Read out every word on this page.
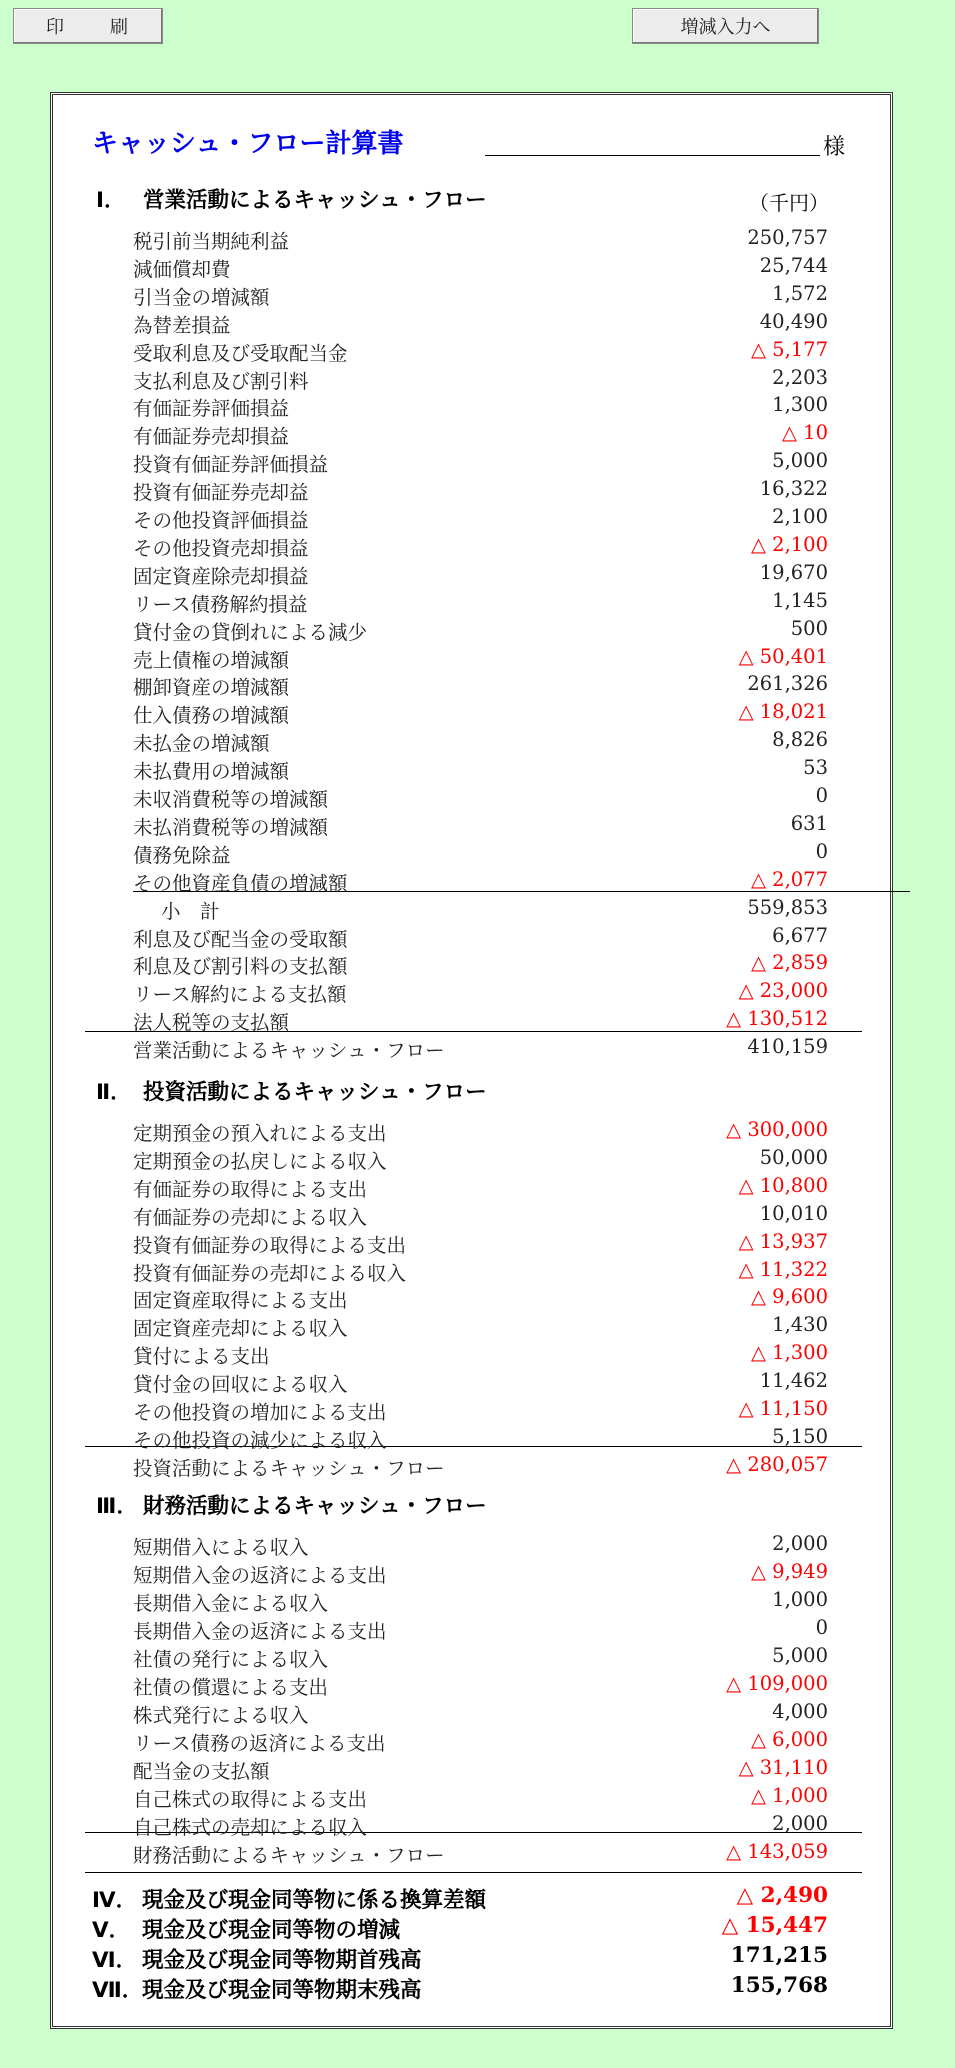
印　刷	増減入力へ
キャッシュ・フロー計算書	様
（千円）
Ⅰ． 営業活動によるキャッシュ・フロー
Ⅱ． 投資活動によるキャッシュ・フロー
Ⅲ． 財務活動によるキャッシュ・フロー
税引前当期純利益	250,757
減価償却費	25,744
引当金の増減額	1,572
為替差損益	40,490
受取利息及び受取配当金	△ 5,177
支払利息及び割引料	2,203
有価証券評価損益	1,300
有価証券売却損益	△ 10
投資有価証券評価損益	5,000
投資有価証券売却益	16,322
その他投資評価損益	2,100
その他投資売却損益	△ 2,100
固定資産除売却損益	19,670
リース債務解約損益	1,145
貸付金の貸倒れによる減少	500
売上債権の増減額	△ 50,401
棚卸資産の増減額	261,326
仕入債務の増減額	△ 18,021
未払金の増減額	8,826
未払費用の増減額	53
未収消費税等の増減額	0
未払消費税等の増減額	631
債務免除益	0
その他資産負債の増減額	△ 2,077
小　計	559,853
利息及び配当金の受取額	6,677
利息及び割引料の支払額	△ 2,859
リース解約による支払額	△ 23,000
法人税等の支払額	△ 130,512
営業活動によるキャッシュ・フロー	410,159
定期預金の預入れによる支出	△ 300,000
定期預金の払戻しによる収入	50,000
有価証券の取得による支出	△ 10,800
有価証券の売却による収入	10,010
投資有価証券の取得による支出	△ 13,937
投資有価証券の売却による収入	△ 11,322
固定資産取得による支出	△ 9,600
固定資産売却による収入	1,430
貸付による支出	△ 1,300
貸付金の回収による収入	11,462
その他投資の増加による支出	△ 11,150
その他投資の減少による収入	5,150
投資活動によるキャッシュ・フロー	△ 280,057
短期借入による収入	2,000
短期借入金の返済による支出	△ 9,949
長期借入金による収入	1,000
長期借入金の返済による支出	0
社債の発行による収入	5,000
社債の償還による支出	△ 109,000
株式発行による収入	4,000
リース債務の返済による支出	△ 6,000
配当金の支払額	△ 31,110
自己株式の取得による支出	△ 1,000
自己株式の売却による収入	2,000
財務活動によるキャッシュ・フロー	△ 143,059
Ⅳ． 現金及び現金同等物に係る換算差額	△ 2,490
Ⅴ． 現金及び現金同等物の増減	△ 15,447
Ⅵ． 現金及び現金同等物期首残高	171,215
Ⅶ．現金及び現金同等物期末残高	155,768
